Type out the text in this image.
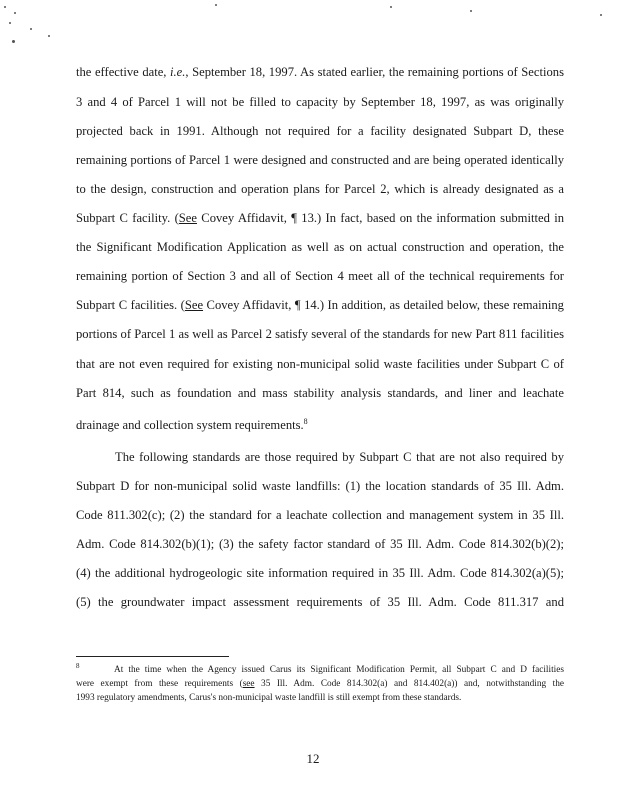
the effective date, i.e., September 18, 1997. As stated earlier, the remaining portions of Sections
3 and 4 of Parcel 1 will not be filled to capacity by September 18, 1997, as was originally
projected back in 1991. Although not required for a facility designated Subpart D, these
remaining portions of Parcel 1 were designed and constructed and are being operated identically
to the design, construction and operation plans for Parcel 2, which is already designated as a
Subpart C facility. (See Covey Affidavit, ¶ 13.) In fact, based on the information submitted in
the Significant Modification Application as well as on actual construction and operation, the
remaining portion of Section 3 and all of Section 4 meet all of the technical requirements for
Subpart C facilities. (See Covey Affidavit, ¶ 14.) In addition, as detailed below, these remaining
portions of Parcel 1 as well as Parcel 2 satisfy several of the standards for new Part 811 facilities
that are not even required for existing non-municipal solid waste facilities under Subpart C of
Part 814, such as foundation and mass stability analysis standards, and liner and leachate
drainage and collection system requirements.$^8$
The following standards are those required by Subpart C that are not also required by
Subpart D for non-municipal solid waste landfills: (1) the location standards of 35 Ill. Adm.
Code 811.302(c); (2) the standard for a leachate collection and management system in 35 Ill.
Adm. Code 814.302(b)(1); (3) the safety factor standard of 35 Ill. Adm. Code 814.302(b)(2);
(4) the additional hydrogeologic site information required in 35 Ill. Adm. Code 814.302(a)(5);
(5) the groundwater impact assessment requirements of 35 Ill. Adm. Code 811.317 and
8	At the time when the Agency issued Carus its Significant Modification Permit, all Subpart C and D facilities
were exempt from these requirements (see 35 Ill. Adm. Code 814.302(a) and 814.402(a)) and, notwithstanding the
1993 regulatory amendments, Carus's non-municipal waste landfill is still exempt from these standards.
12
